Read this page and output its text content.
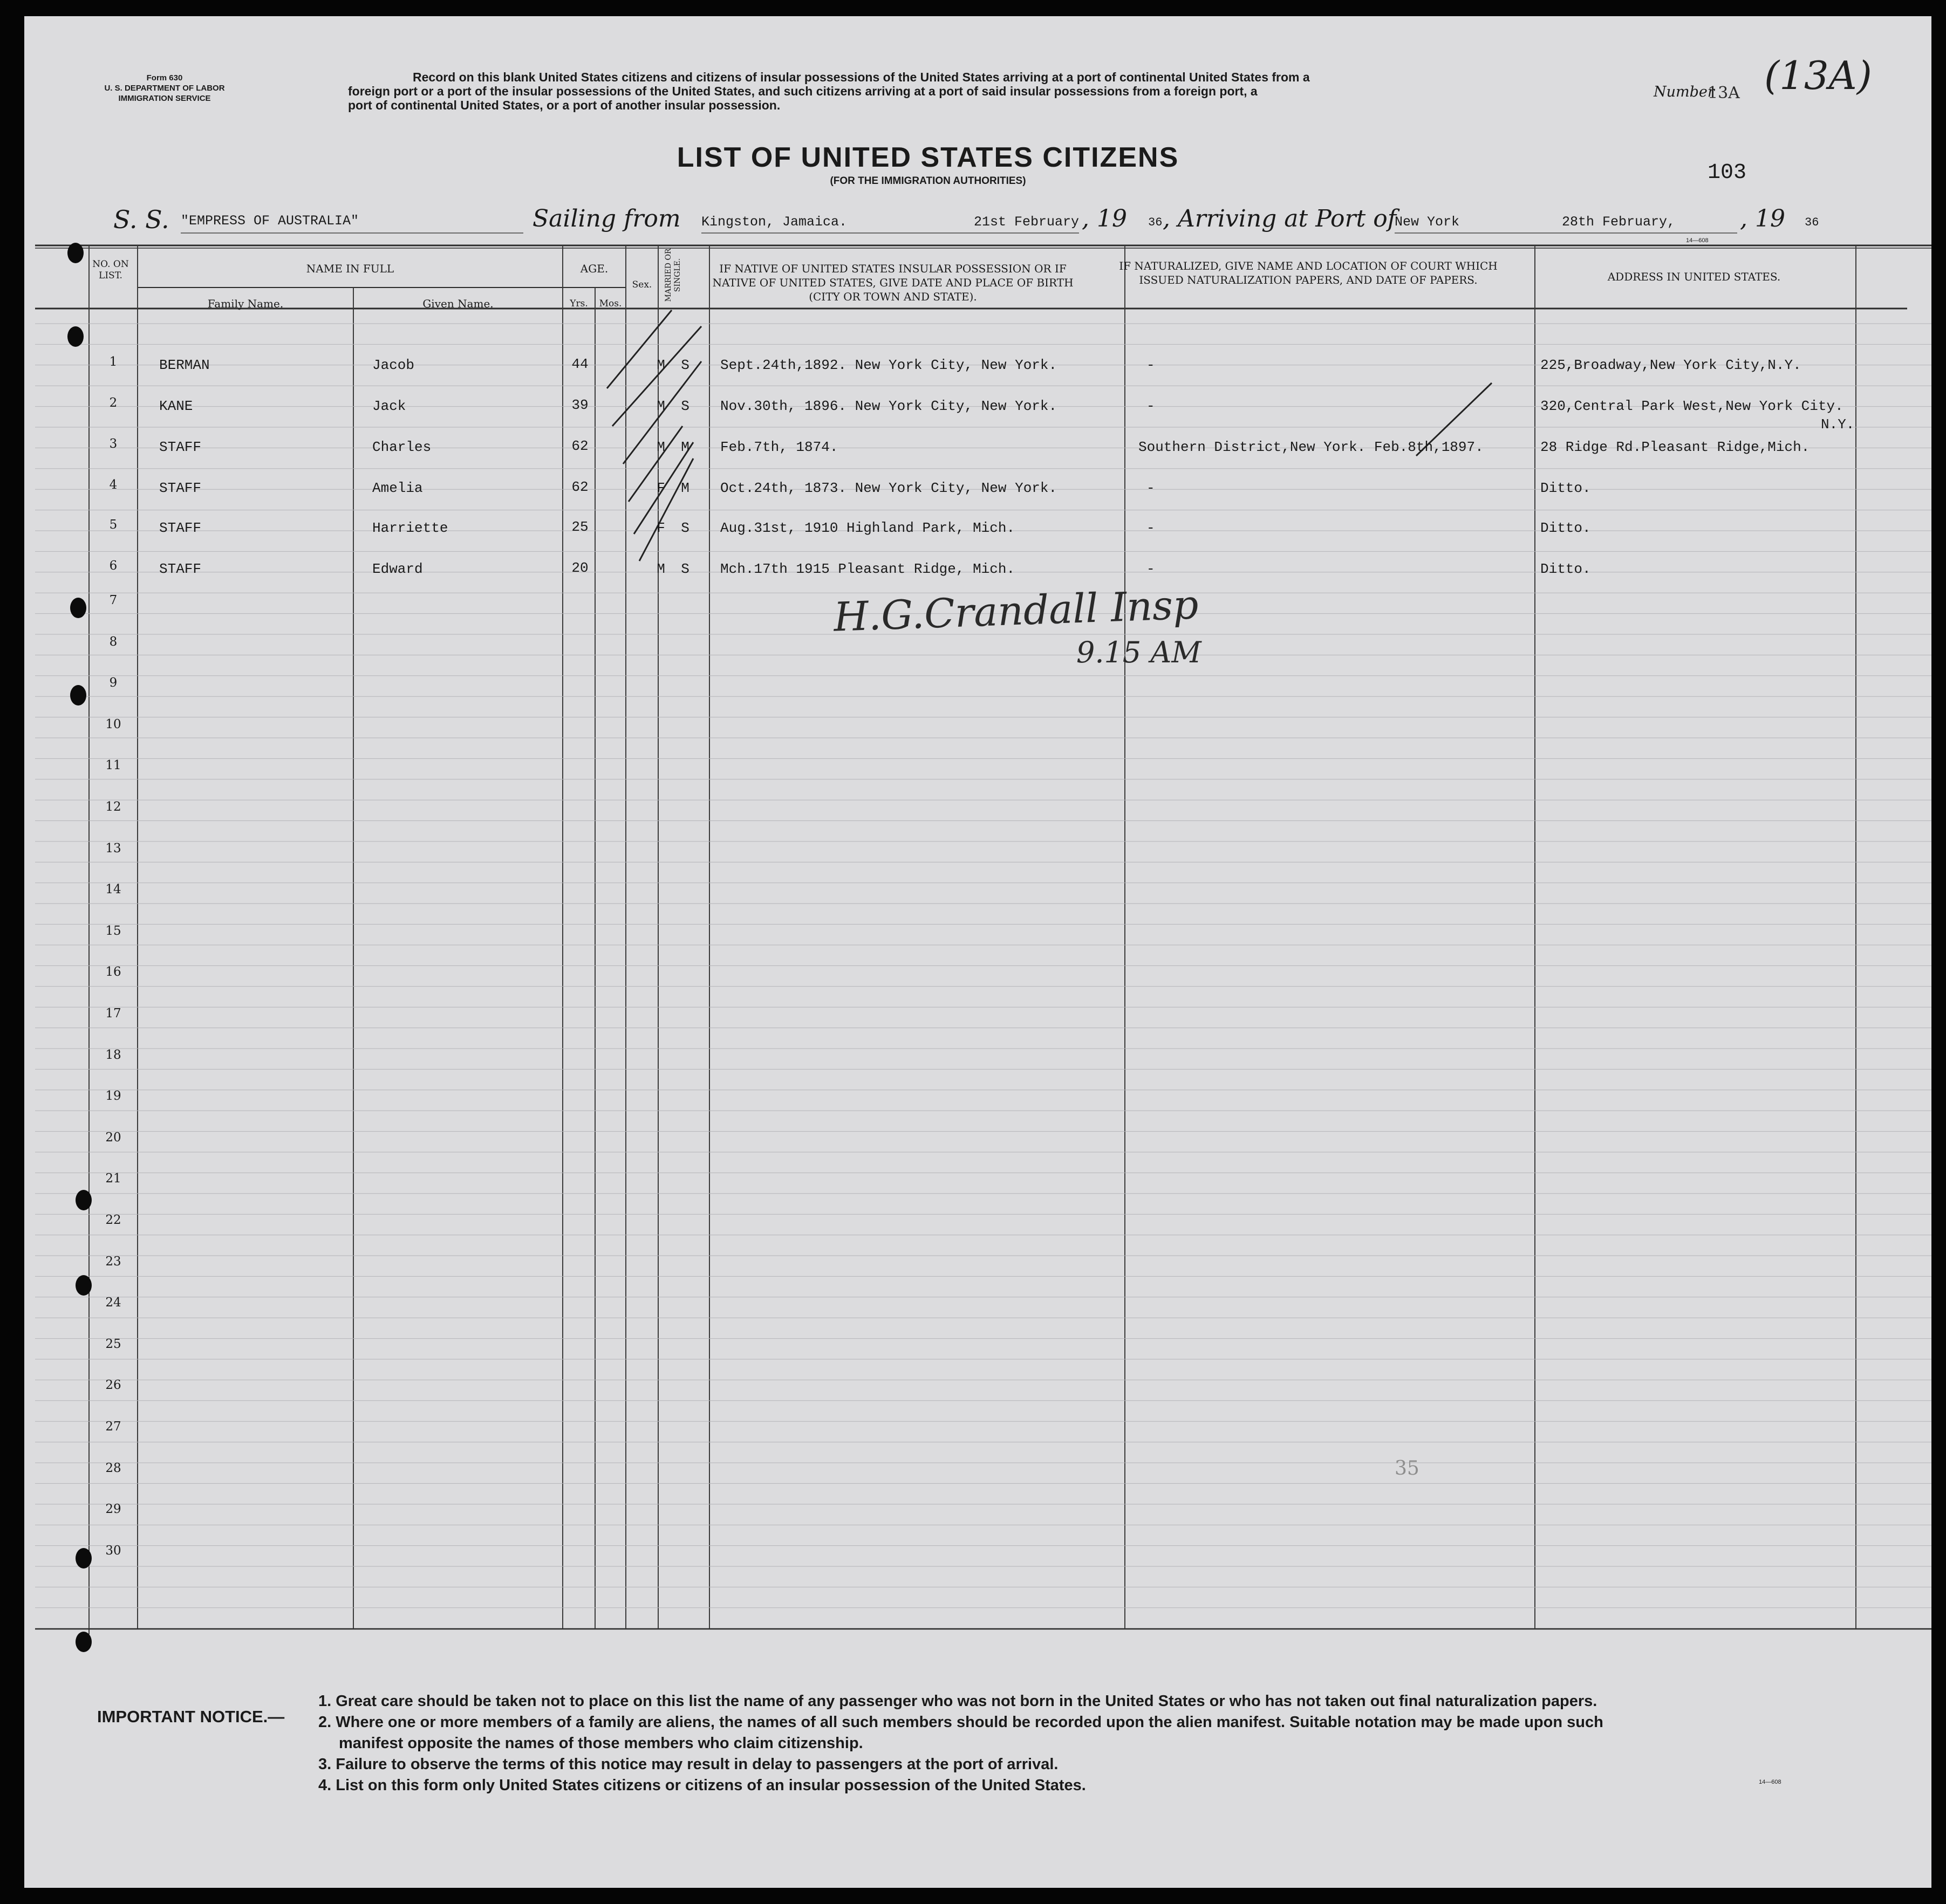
Form 630
U. S. DEPARTMENT OF LABOR
IMMIGRATION SERVICE
Record on this blank United States citizens and citizens of insular possessions of the United States arriving at a port of continental United States from a
foreign port or a port of the insular possessions of the United States, and such citizens arriving at a port of said insular possessions from a foreign port, a
port of continental United States, or a port of another insular possession.
Number
13A (13A)
LIST OF UNITED STATES CITIZENS
(FOR THE IMMIGRATION AUTHORITIES)	103
S. S. "EMPRESS OF AUSTRALIA"	Sailing from Kingston, Jamaica.	21st February , 19 36 , Arriving at Port of
New York	28th February,	, 19 36
14—608
NO. ON LIST.
NAME IN FULL
Family Name.	Given Name.
AGE.
Yrs.	Mos.
Sex.	MARRIED OR SINGLE.	IF NATIVE OF UNITED STATES INSULAR POSSESSION OR IF NATIVE OF UNITED STATES, GIVE DATE AND PLACE OF BIRTH (CITY OR TOWN AND STATE).
IF NATURALIZED, GIVE NAME AND LOCATION OF COURT WHICH ISSUED NATURALIZATION PAPERS, AND DATE OF PAPERS.	ADDRESS IN UNITED STATES.
1	BERMAN	Jacob	44	M	S	Sept.24th,1892. New York City, New York.	-	225,Broadway,New York City,N.Y.
2	KANE	Jack	39	M	S	Nov.30th, 1896. New York City, New York.	-	320,Central Park West,New York City.
N.Y.
3	STAFF	Charles	62	M	M	Feb.7th, 1874.	Southern District,New York. Feb.8th,1897.	28 Ridge Rd.Pleasant Ridge,Mich.
4	STAFF	Amelia	62	F	M	Oct.24th, 1873. New York City, New York.	-	Ditto.
5	STAFF	Harriette	25	F	S	Aug.31st, 1910 Highland Park, Mich.	-	Ditto.
6	STAFF	Edward	20	M	S	Mch.17th 1915 Pleasant Ridge, Mich.	-	Ditto.
7
8
9
10
11
12
13
14
15
16
17
18
19
20
21
22
23
24
25
26
27
28
29
30
H.G.Crandall Insp
9.15 AM
35
IMPORTANT NOTICE.—
1. Great care should be taken not to place on this list the name of any passenger who was not born in the United States or who has not taken out final naturalization papers.
2. Where one or more members of a family are aliens, the names of all such members should be recorded upon the alien manifest. Suitable notation may be made upon such
manifest opposite the names of those members who claim citizenship.
3. Failure to observe the terms of this notice may result in delay to passengers at the port of arrival.
4. List on this form only United States citizens or citizens of an insular possession of the United States.	14—608
